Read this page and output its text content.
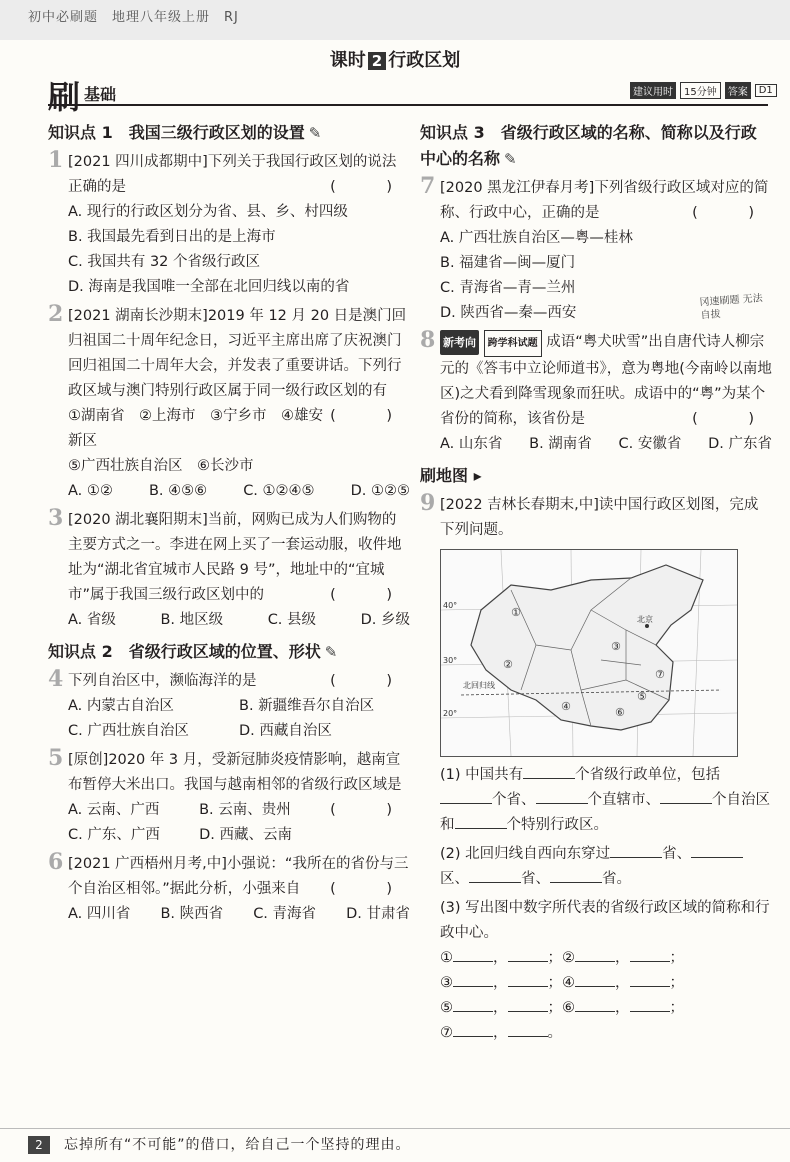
初中必刷题　地理八年级上册　RJ
课时 2 行政区划
刷 基础	建议用时	15分钟	答案	D1
知识点 1　我国三级行政区划的设置 ✎
1 [2021 四川成都期中]下列关于我国行政区划的说法正确的是	(　)
A. 现行的行政区划分为省、县、乡、村四级
B. 我国最先看到日出的是上海市
C. 我国共有 32 个省级行政区
D. 海南是我国唯一全部在北回归线以南的省
2 [2021 湖南长沙期末]2019 年 12 月 20 日是澳门回归祖国二十周年纪念日，习近平主席出席了庆祝澳门回归祖国二十周年大会，并发表了重要讲话。下列行政区域与澳门特别行政区属于同一级行政区划的有
(　)
①湖南省　②上海市　③宁乡市　④雄安新区
⑤广西壮族自治区　⑥长沙市
A. ①② B. ④⑤⑥ C. ①②④⑤ D. ①②⑤
3 [2020 湖北襄阳期末]当前，网购已成为人们购物的主要方式之一。李进在网上买了一套运动服，收件地址为“湖北省宜城市人民路 9 号”，地址中的“宜城市”属于我国三级行政区划中的	(　)
A. 省级	B. 地区级	C. 县级	D. 乡级
知识点 2　省级行政区域的位置、形状 ✎
4 下列自治区中，濒临海洋的是	(　)
A. 内蒙古自治区	B. 新疆维吾尔自治区
C. 广西壮族自治区	D. 西藏自治区
5 [原创]2020 年 3 月，受新冠肺炎疫情影响，越南宣布暂停大米出口。我国与越南相邻的省级行政区域是
(　)
A. 云南、广西	B. 云南、贵州
C. 广东、广西	D. 西藏、云南
6 [2021 广西梧州月考,中]小强说：“我所在的省份与三个自治区相邻。”据此分析，小强来自 (　)
A. 四川省 B. 陕西省 C. 青海省 D. 甘肃省
知识点 3　省级行政区域的名称、简称以及行政中心的名称 ✎
7 [2020 黑龙江伊春月考]下列省级行政区域对应的简称、行政中心，正确的是	(　)
A. 广西壮族自治区—粤—桂林
B. 福建省—闽—厦门
C. 青海省—青—兰州
D. 陕西省—秦—西安
冈速刷题 无法自拔
8 新考向 跨学科试题 成语“粤犬吠雪”出自唐代诗人柳宗元的《答韦中立论师道书》，意为粤地(今南岭以南地区)之犬看到降雪现象而狂吠。成语中的“粤”为某个省份的简称，该省份是	(　)
A. 山东省 B. 湖南省 C. 安徽省 D. 广东省
刷地图 ▸
9 [2022 吉林长春期末,中]读中国行政区划图，完成下列问题。
北回归线
40°
30°
20°
北京
①
②
③
④
⑤
⑥
⑦
(1) 中国共有	个省级行政单位，包括个省、	个直辖市、	个自治区和	个特别行政区。
(2) 北回归线自西向东穿过	省、区、	省、	省。
(3) 写出图中数字所代表的省级行政区域的简称和行政中心。
①	，	；②	，	；
③	，	；④	，	；
⑤	，	；⑥	，	；
⑦	，	。
2	忘掉所有“不可能”的借口，给自己一个坚持的理由。
